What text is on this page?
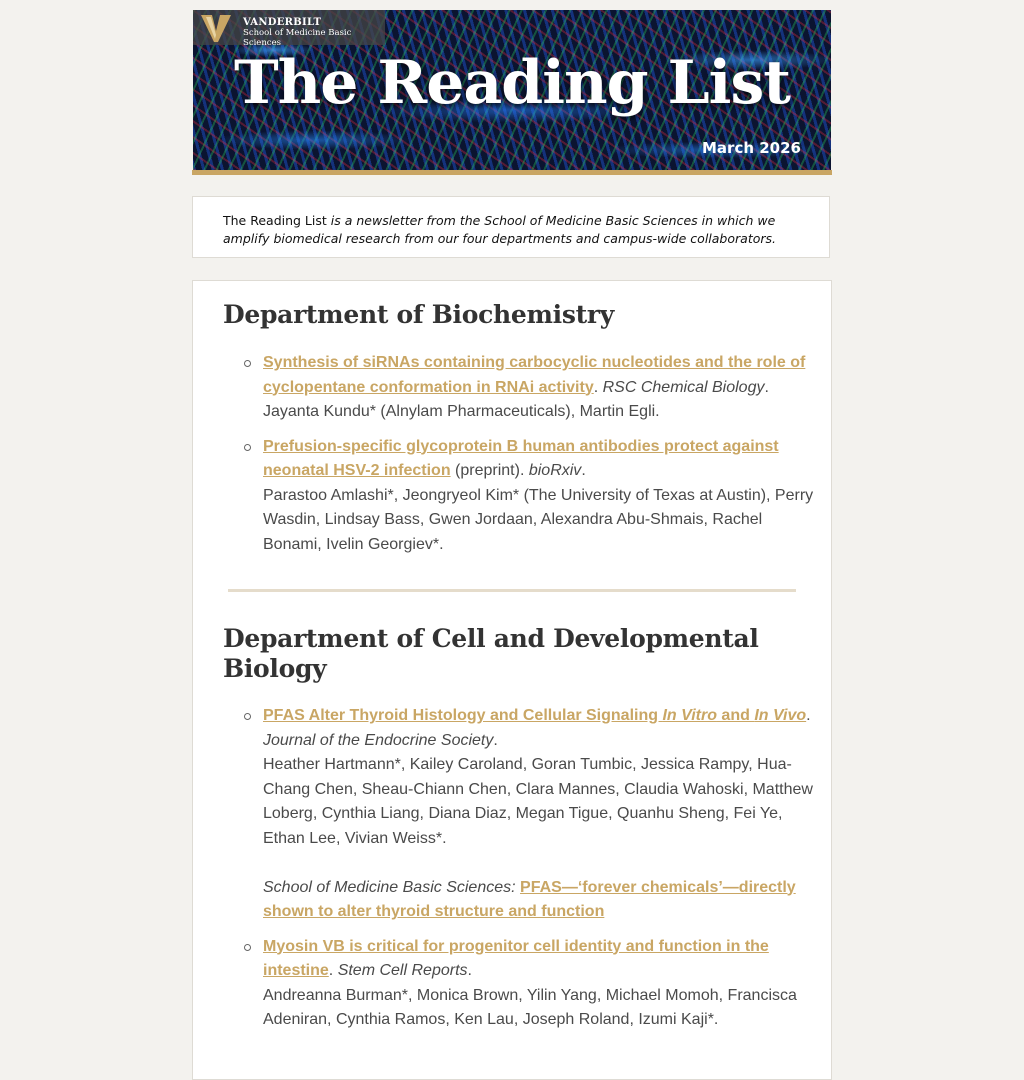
VANDERBILT
School of Medicine Basic Sciences
The Reading List
March 2026
The Reading List is a newsletter from the School of Medicine Basic Sciences in which we amplify biomedical research from our four departments and campus-wide collaborators.
Department of Biochemistry
Synthesis of siRNAs containing carbocyclic nucleotides and the role of cyclopentane conformation in RNAi activity. RSC Chemical Biology.
Jayanta Kundu* (Alnylam Pharmaceuticals), Martin Egli.
Prefusion-specific glycoprotein B human antibodies protect against neonatal HSV-2 infection (preprint). bioRxiv.
Parastoo Amlashi*, Jeongryeol Kim* (The University of Texas at Austin), Perry Wasdin, Lindsay Bass, Gwen Jordaan, Alexandra Abu-Shmais, Rachel Bonami, Ivelin Georgiev*.
Department of Cell and Developmental Biology
PFAS Alter Thyroid Histology and Cellular Signaling In Vitro and In Vivo.
Journal of the Endocrine Society.
Heather Hartmann*, Kailey Caroland, Goran Tumbic, Jessica Rampy, Hua-Chang Chen, Sheau-Chiann Chen, Clara Mannes, Claudia Wahoski, Matthew Loberg, Cynthia Liang, Diana Diaz, Megan Tigue, Quanhu Sheng, Fei Ye, Ethan Lee, Vivian Weiss*.

School of Medicine Basic Sciences: PFAS—‘forever chemicals’—directly shown to alter thyroid structure and function
Myosin VB is critical for progenitor cell identity and function in the intestine. Stem Cell Reports.
Andreanna Burman*, Monica Brown, Yilin Yang, Michael Momoh, Francisca Adeniran, Cynthia Ramos, Ken Lau, Joseph Roland, Izumi Kaji*.
